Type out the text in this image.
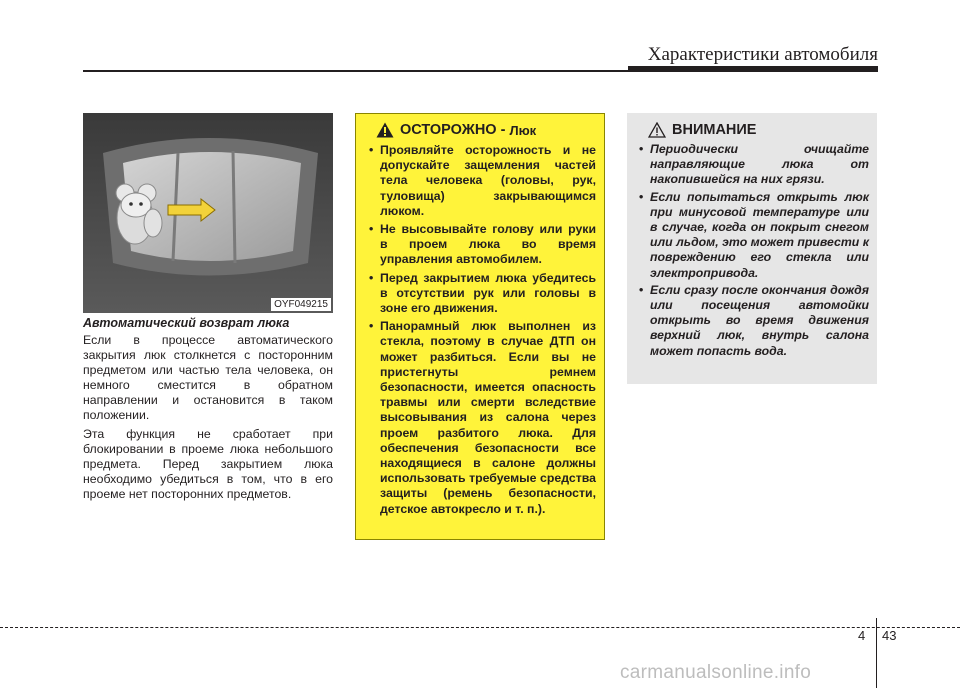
Характеристики автомобиля
OYF049215
Автоматический возврат люка

Если в процессе автоматического закрытия люк столкнется с посторонним предметом или частью тела человека, он немного сместится в обратном направлении и остановится в таком положении.

Эта функция не сработает при блокировании в проеме люка небольшого предмета. Перед закрытием люка необходимо убедиться в том, что в его проеме нет посторонних предметов.

ОСТОРОЖНО - Люк
• Проявляйте осторожность и не допускайте защемления частей тела человека (головы, рук, туловища) закрывающимся люком.
• Не высовывайте голову или руки в проем люка во время управления автомобилем.
• Перед закрытием люка убедитесь в отсутствии рук или головы в зоне его движения.
• Панорамный люк выполнен из стекла, поэтому в случае ДТП он может разбиться. Если вы не пристегнуты ремнем безопасности, имеется опасность травмы или смерти вследствие высовывания из салона через проем разбитого люка. Для обеспечения безопасности все находящиеся в салоне должны использовать требуемые средства защиты (ремень безопасности, детское автокресло и т. п.).
ВНИМАНИЕ
• Периодически очищайте направляющие люка от накопившейся на них грязи.
• Если попытаться открыть люк при минусовой температуре или в случае, когда он покрыт снегом или льдом, это может привести к повреждению его стекла или электропривода.
• Если сразу после окончания дождя или посещения автомойки открыть во время движения верхний люк, внутрь салона может попасть вода.
4 43
carmanualsonline.info
